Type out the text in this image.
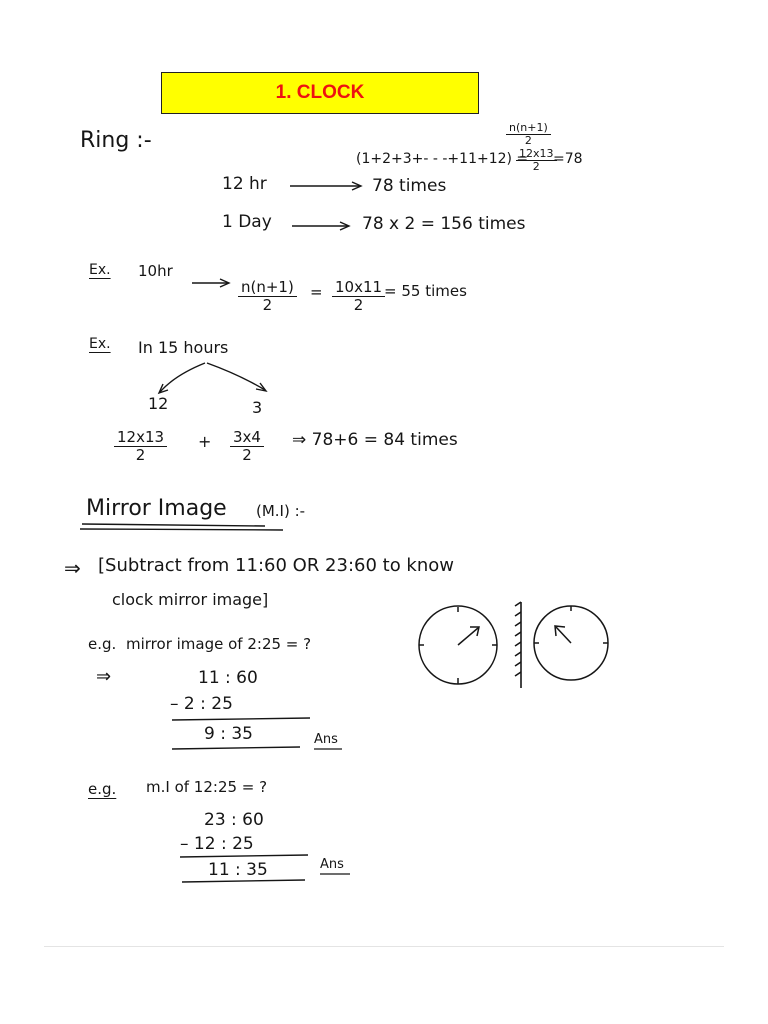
1. CLOCK
Ring :-	$\frac{n(n+1)}{2}$
(1+2+3+- - -+11+12) =
$\frac{12x13}{2}$
=78
12 hr	78 times
1 Day	78 x 2 = 156 times
Ex. 10hr
$\frac{n(n+1)}{2} = \frac{10x11}{2}$
= 55 times
Ex. In 15 hours
12	3
$\frac{12x13}{2} + \frac{3x4}{2}$ ⇒ 78+6 = 84 times
Mirror Image (M.I) :-
⇒ [Subtract from 11:60 OR 23:60 to know
clock mirror image]
e.g. mirror image of 2:25 = ?
⇒	11 : 60
– 2 : 25
9 : 35	Ans
e.g. m.I of 12:25 = ?
23 : 60
– 12 : 25
11 : 35	Ans
